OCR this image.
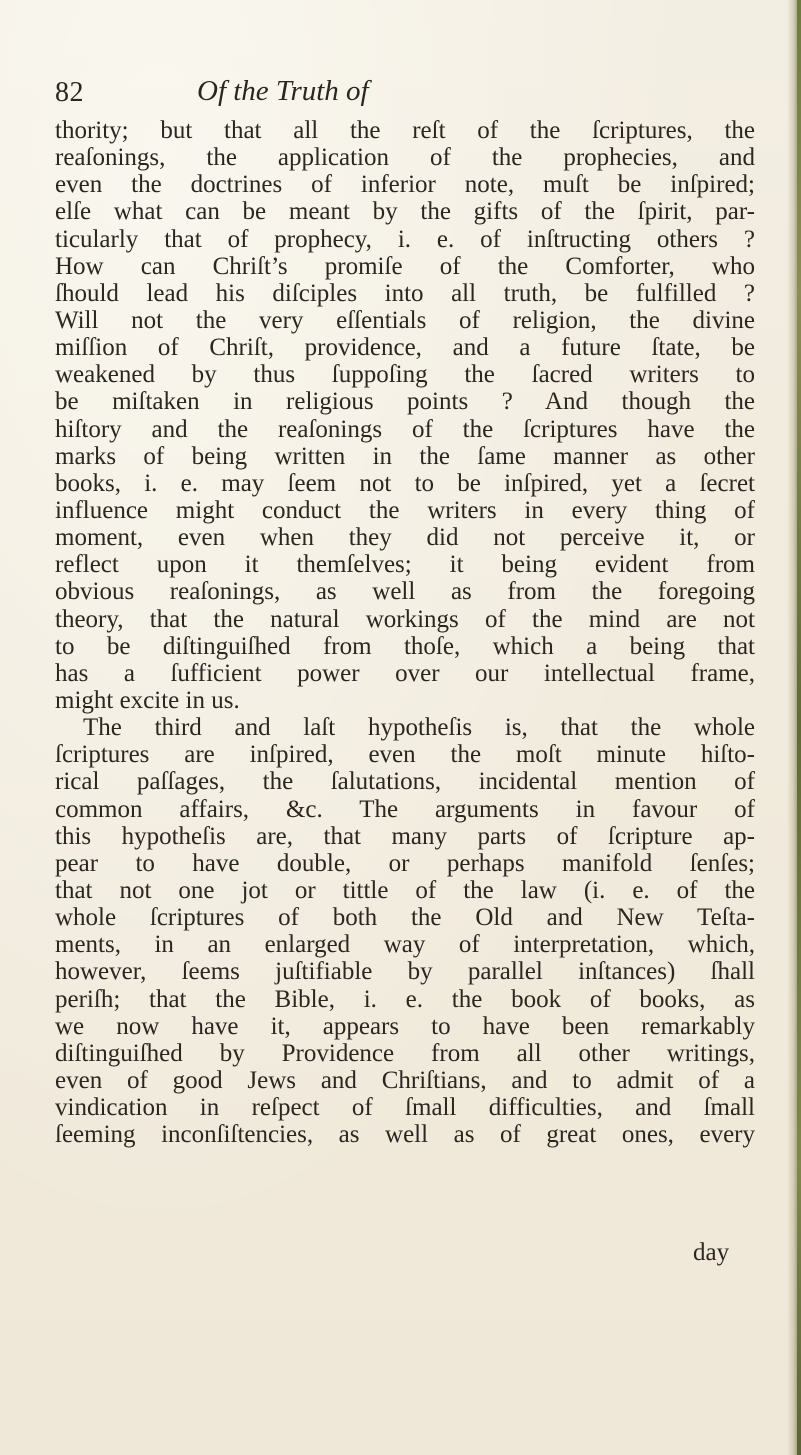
82	Of the Truth of
thority; but that all the reſt of the ſcriptures, the
reaſonings, the application of the prophecies, and
even the doctrines of inferior note, muſt be inſpired;
elſe what can be meant by the gifts of the ſpirit, par-
ticularly that of prophecy, i. e. of inſtructing others ?
How can Chriſt’s promiſe of the Comforter, who
ſhould lead his diſciples into all truth, be fulfilled ?
Will not the very eſſentials of religion, the divine
miſſion of Chriſt, providence, and a future ſtate, be
weakened by thus ſuppoſing the ſacred writers to
be miſtaken in religious points ? And though the
hiſtory and the reaſonings of the ſcriptures have the
marks of being written in the ſame manner as other
books, i. e. may ſeem not to be inſpired, yet a ſecret
influence might conduct the writers in every thing of
moment, even when they did not perceive it, or
reflect upon it themſelves; it being evident from
obvious reaſonings, as well as from the foregoing
theory, that the natural workings of the mind are not
to be diſtinguiſhed from thoſe, which a being that
has a ſufficient power over our intellectual frame,
might excite in us.
The third and laſt hypotheſis is, that the whole
ſcriptures are inſpired, even the moſt minute hiſto-
rical paſſages, the ſalutations, incidental mention of
common affairs, &c. The arguments in favour of
this hypotheſis are, that many parts of ſcripture ap-
pear to have double, or perhaps manifold ſenſes;
that not one jot or tittle of the law (i. e. of the
whole ſcriptures of both the Old and New Teſta-
ments, in an enlarged way of interpretation, which,
however, ſeems juſtifiable by parallel inſtances) ſhall
periſh; that the Bible, i. e. the book of books, as
we now have it, appears to have been remarkably
diſtinguiſhed by Providence from all other writings,
even of good Jews and Chriſtians, and to admit of a
vindication in reſpect of ſmall difficulties, and ſmall
ſeeming inconſiſtencies, as well as of great ones, every
day
